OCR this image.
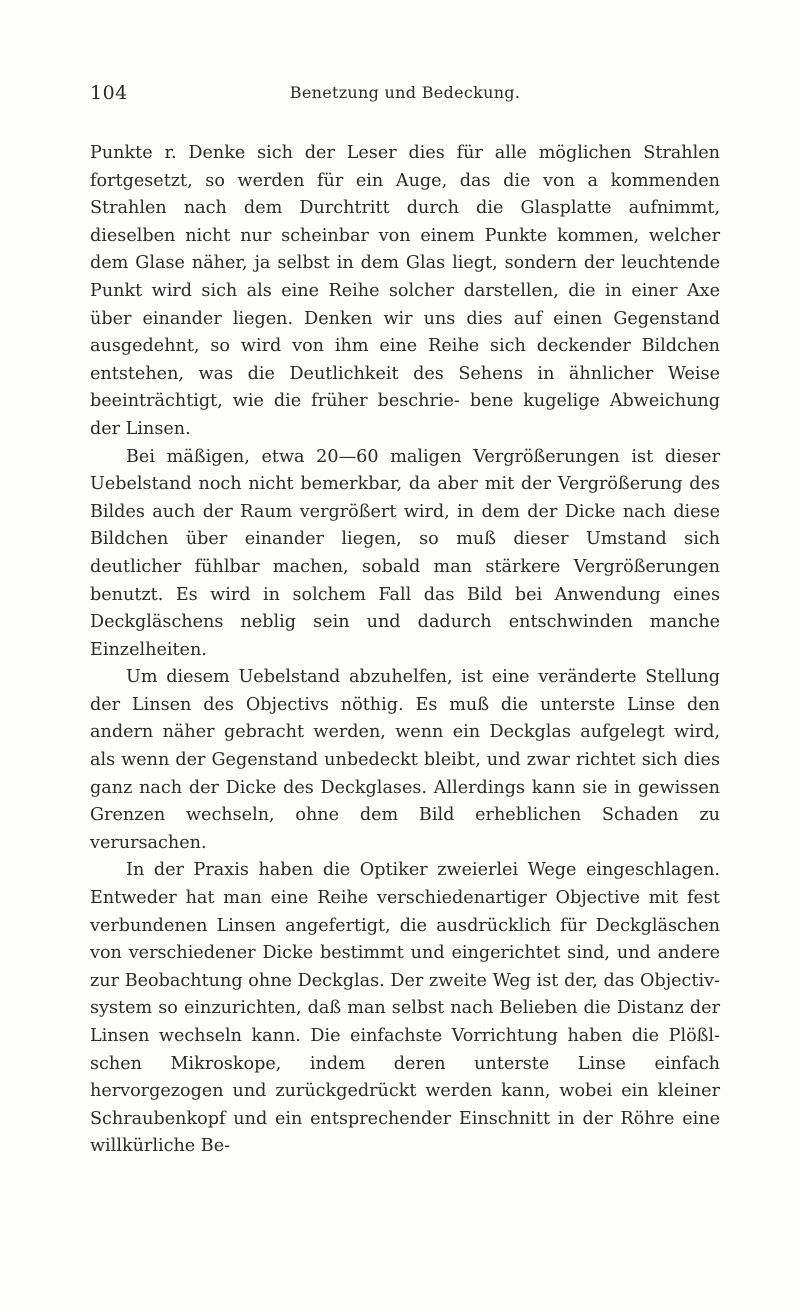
104	Benetzung und Bedeckung.

Punkte r. Denke sich der Leser dies für alle möglichen Strahlen fortgesetzt, so werden für ein Auge, das die von a kommenden Strahlen nach dem Durchtritt durch die Glasplatte aufnimmt, dieselben nicht nur scheinbar von einem Punkte kommen, welcher dem Glase näher, ja selbst in dem Glas liegt, sondern der leuchtende Punkt wird sich als eine Reihe solcher darstellen, die in einer Axe über einander liegen. Denken wir uns dies auf einen Gegenstand ausgedehnt, so wird von ihm eine Reihe sich deckender Bildchen entstehen, was die Deutlichkeit des Sehens in ähnlicher Weise beeinträchtigt, wie die früher beschrie- bene kugelige Abweichung der Linsen.

Bei mäßigen, etwa 20—60 maligen Vergrößerungen ist dieser Uebelstand noch nicht bemerkbar, da aber mit der Vergrößerung des Bildes auch der Raum vergrößert wird, in dem der Dicke nach diese Bildchen über einander liegen, so muß dieser Umstand sich deutlicher fühlbar machen, sobald man stärkere Vergrößerungen benutzt. Es wird in solchem Fall das Bild bei Anwendung eines Deckgläschens neblig sein und dadurch entschwinden manche Einzelheiten.

Um diesem Uebelstand abzuhelfen, ist eine veränderte Stellung der Linsen des Objectivs nöthig. Es muß die unterste Linse den andern näher gebracht werden, wenn ein Deckglas aufgelegt wird, als wenn der Gegenstand unbedeckt bleibt, und zwar richtet sich dies ganz nach der Dicke des Deckglases. Allerdings kann sie in gewissen Grenzen wechseln, ohne dem Bild erheblichen Schaden zu verursachen.

In der Praxis haben die Optiker zweierlei Wege eingeschlagen. Entweder hat man eine Reihe verschiedenartiger Objective mit fest verbundenen Linsen angefertigt, die ausdrücklich für Deckgläschen von verschiedener Dicke bestimmt und eingerichtet sind, und andere zur Beobachtung ohne Deckglas. Der zweite Weg ist der, das Objectiv- system so einzurichten, daß man selbst nach Belieben die Distanz der Linsen wechseln kann. Die einfachste Vorrichtung haben die Plößl- schen Mikroskope, indem deren unterste Linse einfach hervorgezogen und zurückgedrückt werden kann, wobei ein kleiner Schraubenkopf und ein entsprechender Einschnitt in der Röhre eine willkürliche Be-
